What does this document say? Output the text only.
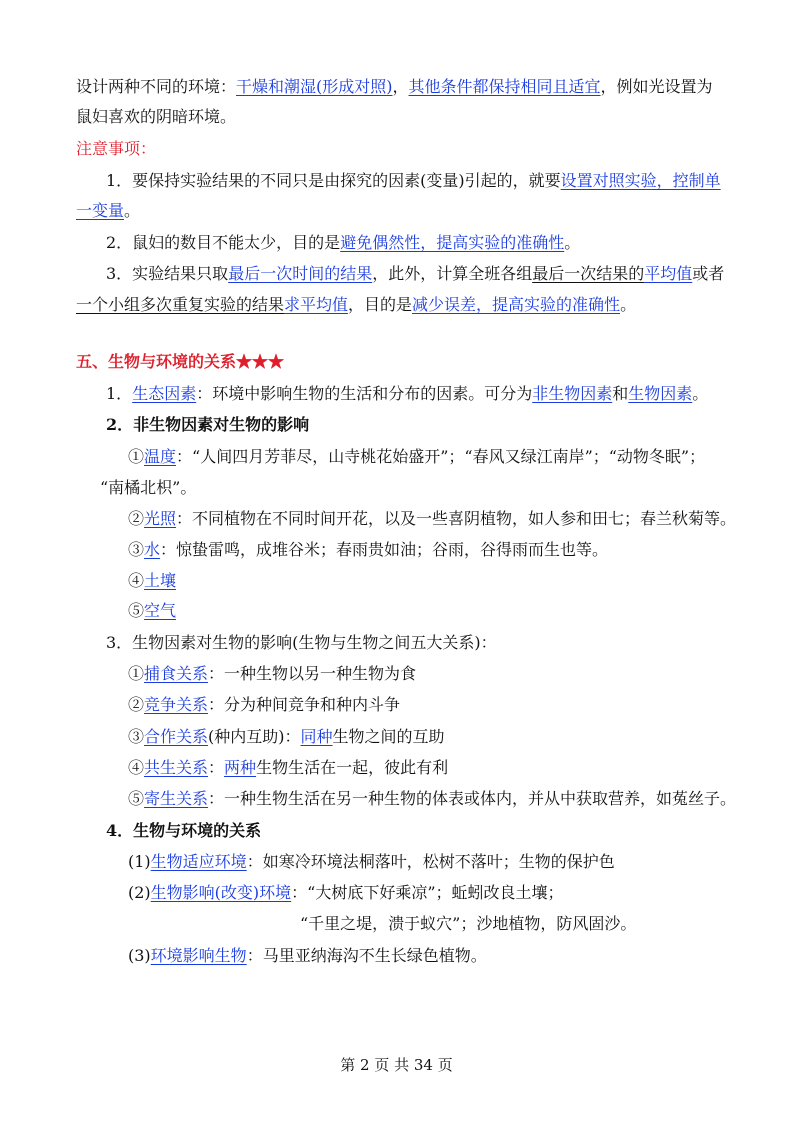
设计两种不同的环境：干燥和潮湿(形成对照)，其他条件都保持相同且适宜，例如光设置为
鼠妇喜欢的阴暗环境。
注意事项：
1．要保持实验结果的不同只是由探究的因素(变量)引起的，就要设置对照实验，控制单
一变量。
2．鼠妇的数目不能太少，目的是避免偶然性，提高实验的准确性。
3．实验结果只取最后一次时间的结果，此外，计算全班各组最后一次结果的平均值或者
一个小组多次重复实验的结果求平均值，目的是减少误差，提高实验的准确性。
五、生物与环境的关系★★★
1．生态因素：环境中影响生物的生活和分布的因素。可分为非生物因素和生物因素。
2．非生物因素对生物的影响
①温度：“人间四月芳菲尽，山寺桃花始盛开”；“春风又绿江南岸”；“动物冬眠”；
“南橘北枳”。
②光照：不同植物在不同时间开花，以及一些喜阴植物，如人参和田七；春兰秋菊等。
③水：惊蛰雷鸣，成堆谷米；春雨贵如油；谷雨，谷得雨而生也等。
④土壤
⑤空气
3．生物因素对生物的影响(生物与生物之间五大关系)：
①捕食关系：一种生物以另一种生物为食
②竞争关系：分为种间竞争和种内斗争
③合作关系(种内互助)：同种生物之间的互助
④共生关系：两种生物生活在一起，彼此有利
⑤寄生关系：一种生物生活在另一种生物的体表或体内，并从中获取营养，如菟丝子。
4．生物与环境的关系
(1)生物适应环境：如寒冷环境法桐落叶，松树不落叶；生物的保护色
(2)生物影响(改变)环境：“大树底下好乘凉”；蚯蚓改良土壤；
“千里之堤，溃于蚁穴”；沙地植物，防风固沙。
(3)环境影响生物：马里亚纳海沟不生长绿色植物。
第 2 页 共 34 页
